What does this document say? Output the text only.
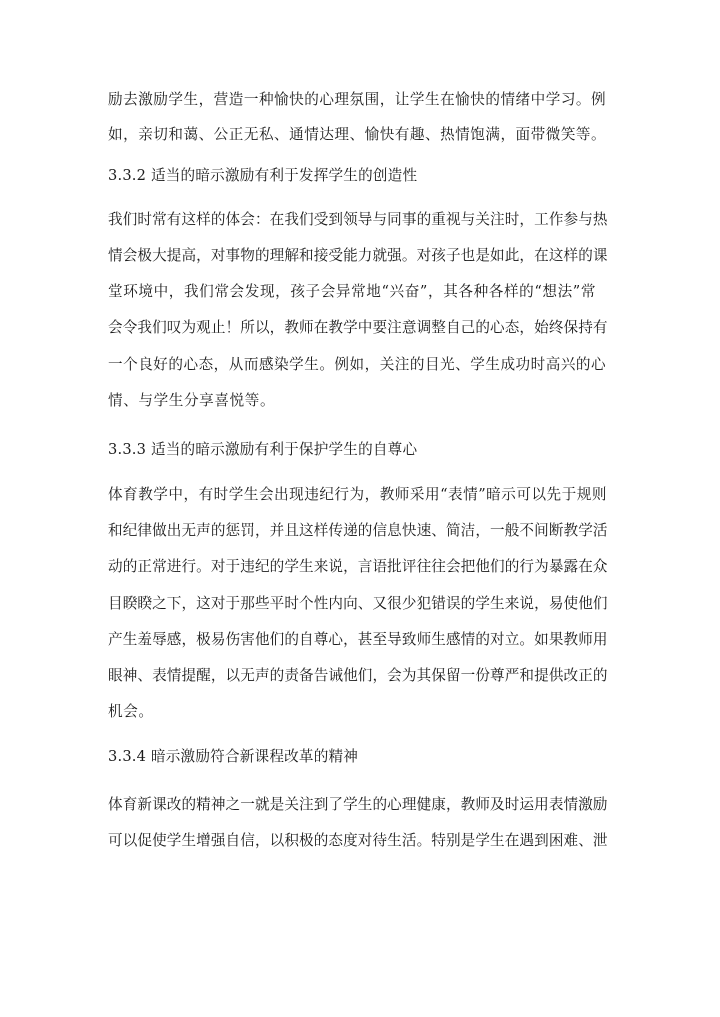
励去激励学生，营造一种愉快的心理氛围，让学生在愉快的情绪中学习。例
如，亲切和蔼、公正无私、通情达理、愉快有趣、热情饱满，面带微笑等。
3.3.2 适当的暗示激励有利于发挥学生的创造性
我们时常有这样的体会：在我们受到领导与同事的重视与关注时，工作参与热
情会极大提高，对事物的理解和接受能力就强。对孩子也是如此，在这样的课
堂环境中，我们常会发现，孩子会异常地“兴奋”，其各种各样的“想法”常
会令我们叹为观止！所以，教师在教学中要注意调整自己的心态，始终保持有
一个良好的心态，从而感染学生。例如，关注的目光、学生成功时高兴的心
情、与学生分享喜悦等。
3.3.3 适当的暗示激励有利于保护学生的自尊心
体育教学中，有时学生会出现违纪行为，教师采用“表情”暗示可以先于规则
和纪律做出无声的惩罚，并且这样传递的信息快速、简洁，一般不间断教学活
动的正常进行。对于违纪的学生来说，言语批评往往会把他们的行为暴露在众
目睽睽之下，这对于那些平时个性内向、又很少犯错误的学生来说，易使他们
产生羞辱感，极易伤害他们的自尊心，甚至导致师生感情的对立。如果教师用
眼神、表情提醒，以无声的责备告诫他们，会为其保留一份尊严和提供改正的
机会。
3.3.4 暗示激励符合新课程改革的精神
体育新课改的精神之一就是关注到了学生的心理健康，教师及时运用表情激励
可以促使学生增强自信，以积极的态度对待生活。特别是学生在遇到困难、泄
